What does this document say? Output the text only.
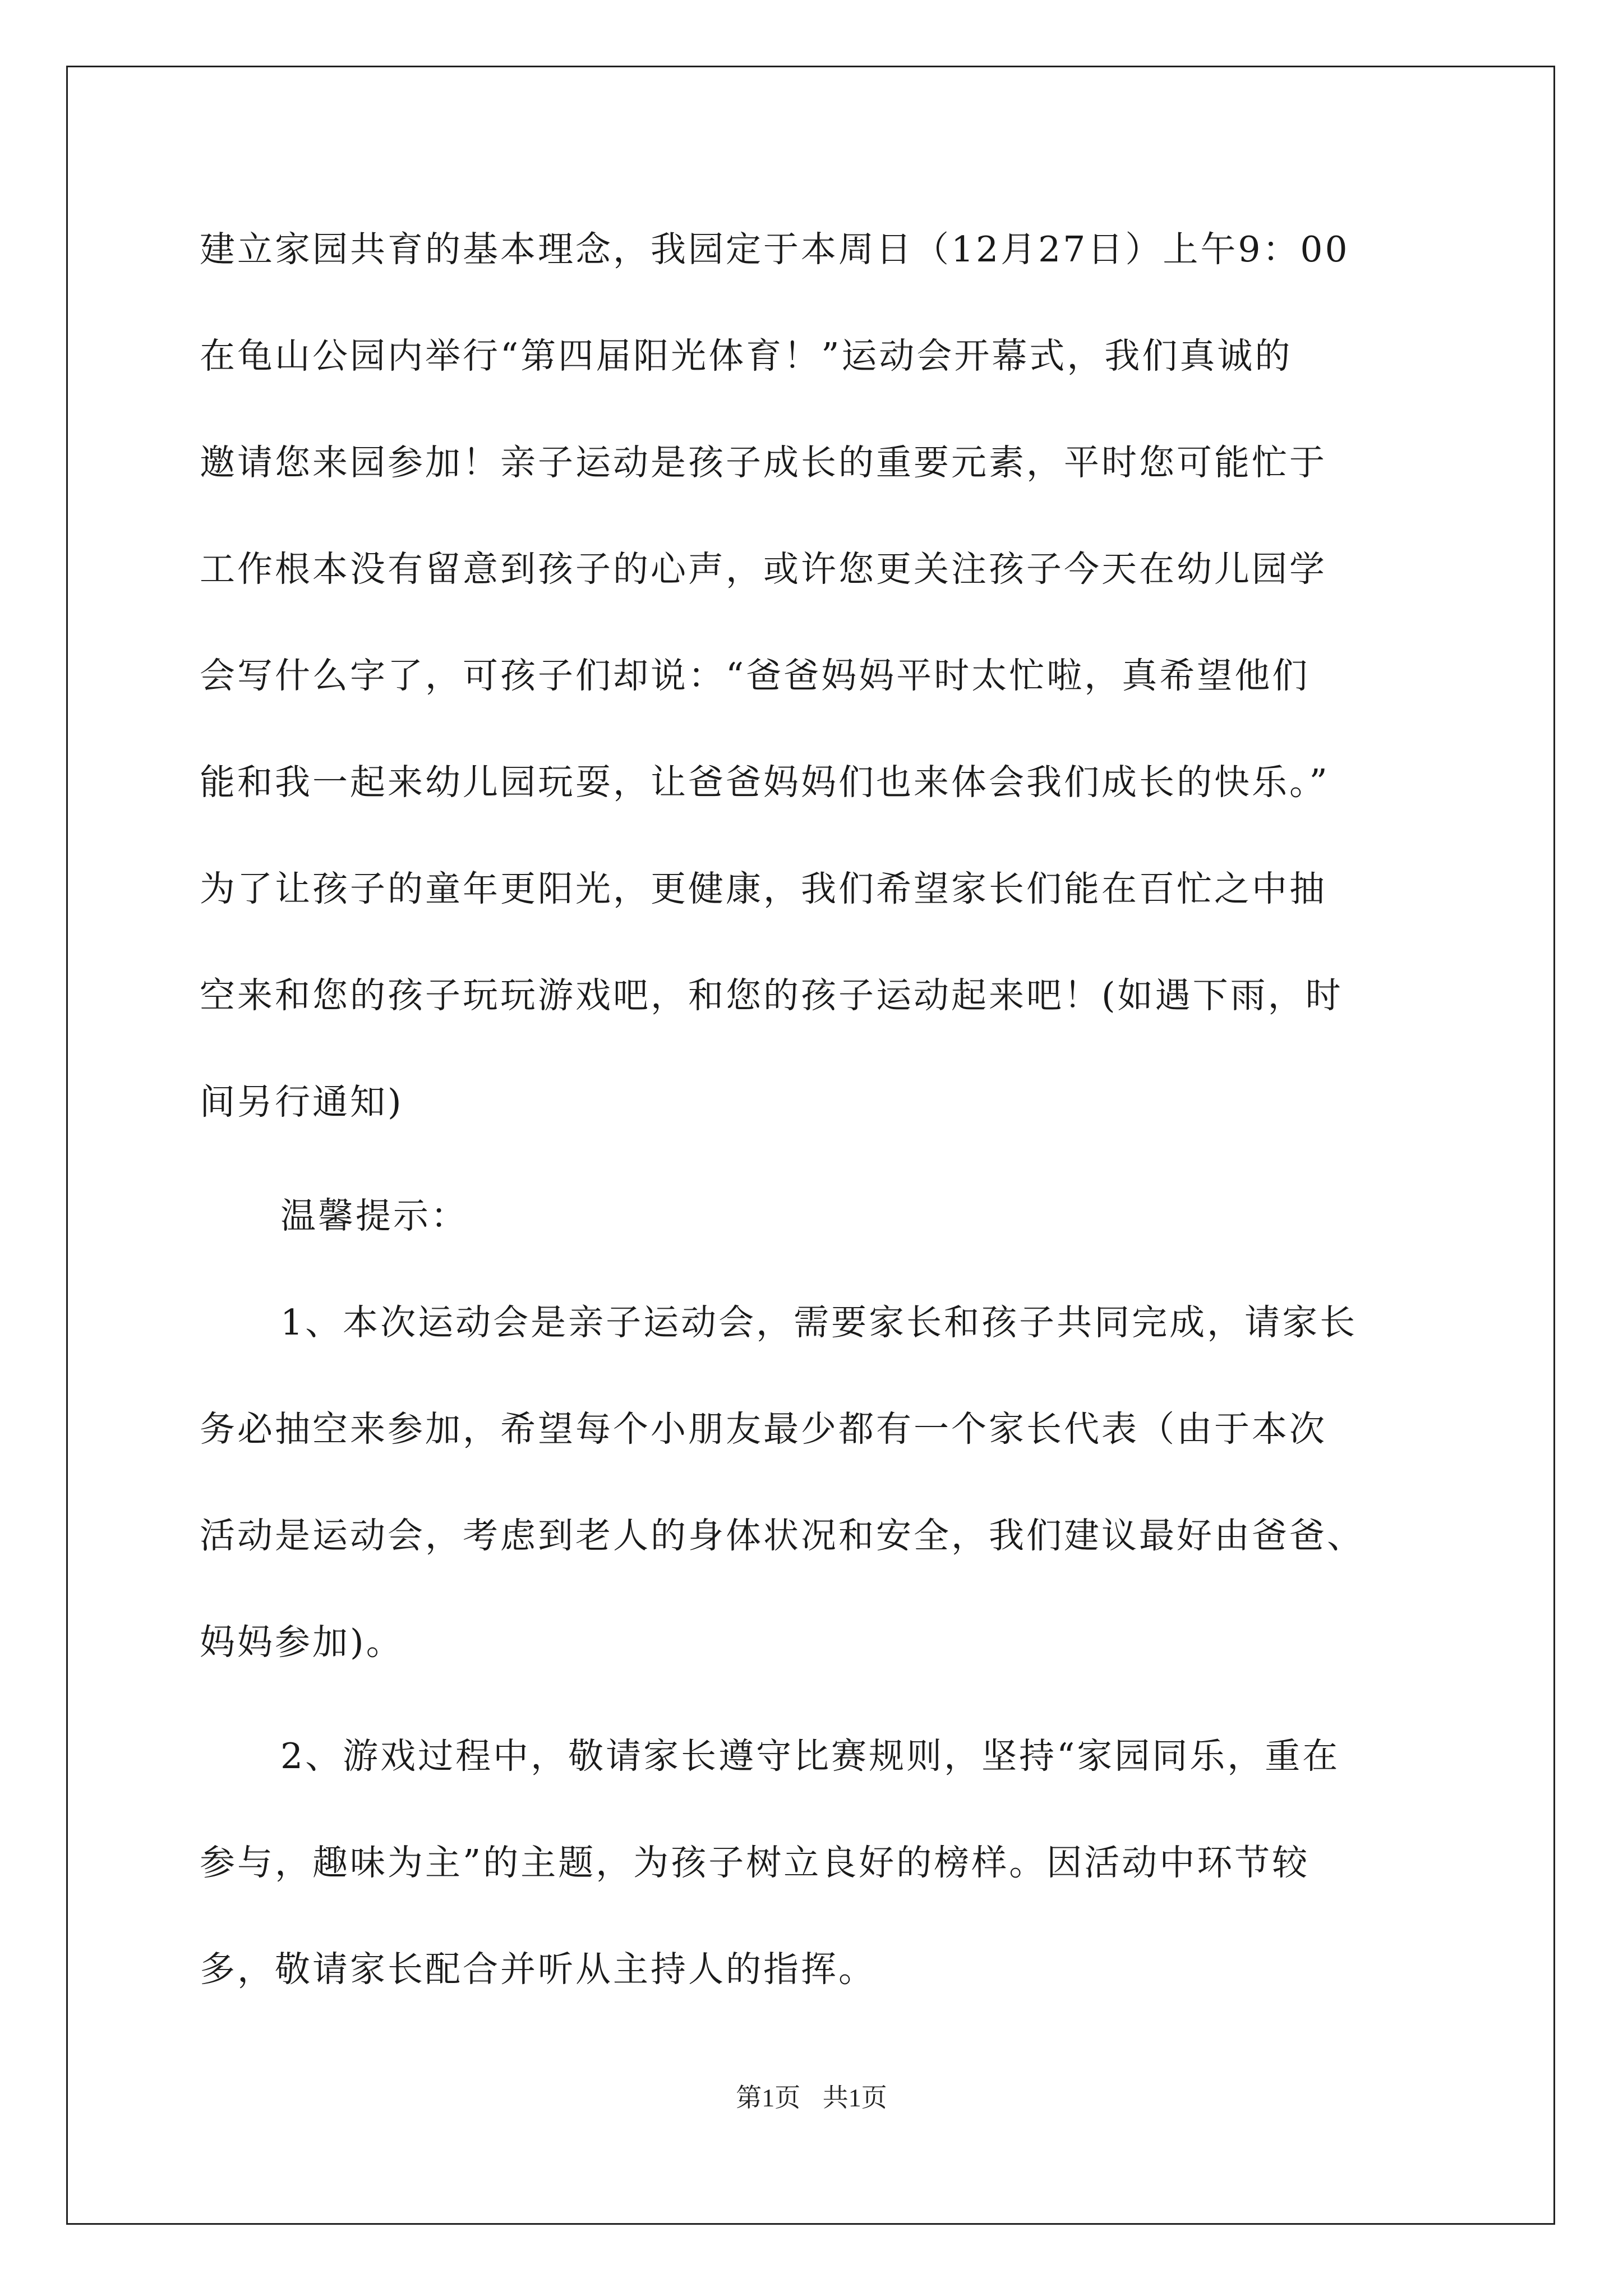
建立家园共育的基本理念，我园定于本周日（12月27日）上午9：00
在龟山公园内举行“第四届阳光体育！”运动会开幕式，我们真诚的
邀请您来园参加！亲子运动是孩子成长的重要元素，平时您可能忙于
工作根本没有留意到孩子的心声，或许您更关注孩子今天在幼儿园学
会写什么字了，可孩子们却说：“爸爸妈妈平时太忙啦，真希望他们
能和我一起来幼儿园玩耍，让爸爸妈妈们也来体会我们成长的快乐。”
为了让孩子的童年更阳光，更健康，我们希望家长们能在百忙之中抽
空来和您的孩子玩玩游戏吧，和您的孩子运动起来吧！(如遇下雨，时
间另行通知)
温馨提示：
1、本次运动会是亲子运动会，需要家长和孩子共同完成，请家长
务必抽空来参加，希望每个小朋友最少都有一个家长代表（由于本次
活动是运动会，考虑到老人的身体状况和安全，我们建议最好由爸爸、
妈妈参加)。
2、游戏过程中，敬请家长遵守比赛规则，坚持“家园同乐，重在
参与，趣味为主”的主题，为孩子树立良好的榜样。因活动中环节较
多，敬请家长配合并听从主持人的指挥。
第1页 共1页
